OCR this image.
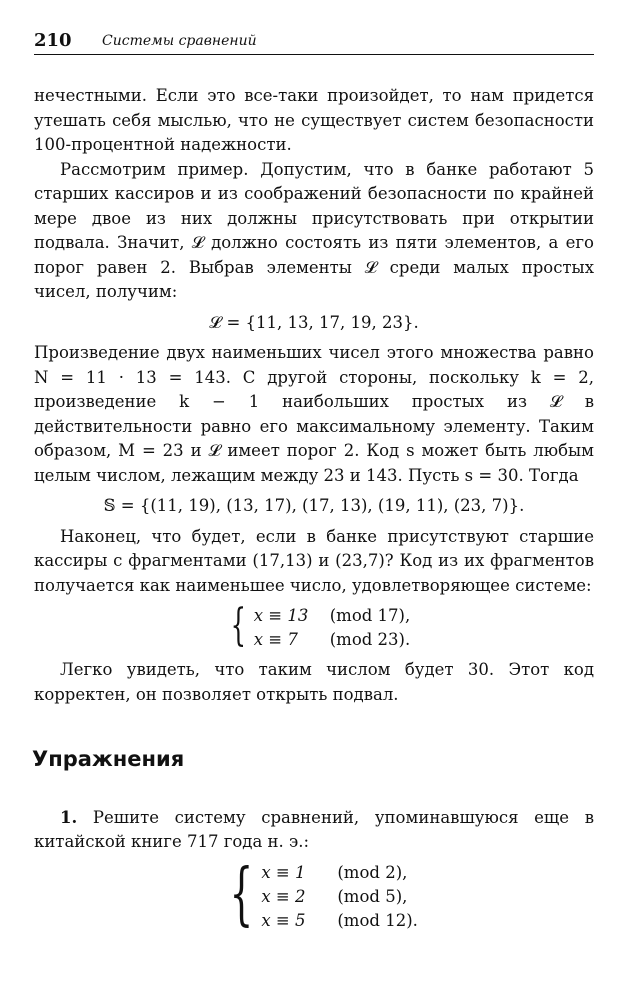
210 Системы сравнений

нечестными. Если это все-таки произойдет, то нам придется утешать себя мыслью, что не существует систем безопасности 100-процентной надежности.

Рассмотрим пример. Допустим, что в банке работают 5 старших кассиров и из соображений безопасности по крайней мере двое из них должны присутствовать при открытии подвала. Значит, 𝓛 должно состоять из пяти элементов, а его порог равен 2. Выбрав элементы 𝓛 среди малых простых чисел, получим:

𝓛 = {11, 13, 17, 19, 23}.

Произведение двух наименьших чисел этого множества равно N = 11 · 13 = 143. С другой стороны, поскольку k = 2, произведение k − 1 наибольших простых из 𝓛 в действительности равно его максимальному элементу. Таким образом, M = 23 и 𝓛 имеет порог 2. Код s может быть любым целым числом, лежащим между 23 и 143. Пусть s = 30. Тогда

𝕊 = {(11, 19), (13, 17), (17, 13), (19, 11), (23, 7)}.

Наконец, что будет, если в банке присутствуют старшие кассиры с фрагментами (17,13) и (23,7)? Код из их фрагментов получается как наименьшее число, удовлетворяющее системе:

{ x ≡ 13	(mod 17),
x ≡ 7	(mod 23).

Легко увидеть, что таким числом будет 30. Этот код корректен, он позволяет открыть подвал.

Упражнения

1. Решите систему сравнений, упоминавшуюся еще в китайской книге 717 года н. э.:

{ x ≡ 1	(mod 2),
x ≡ 2	(mod 5),
x ≡ 5	(mod 12).
